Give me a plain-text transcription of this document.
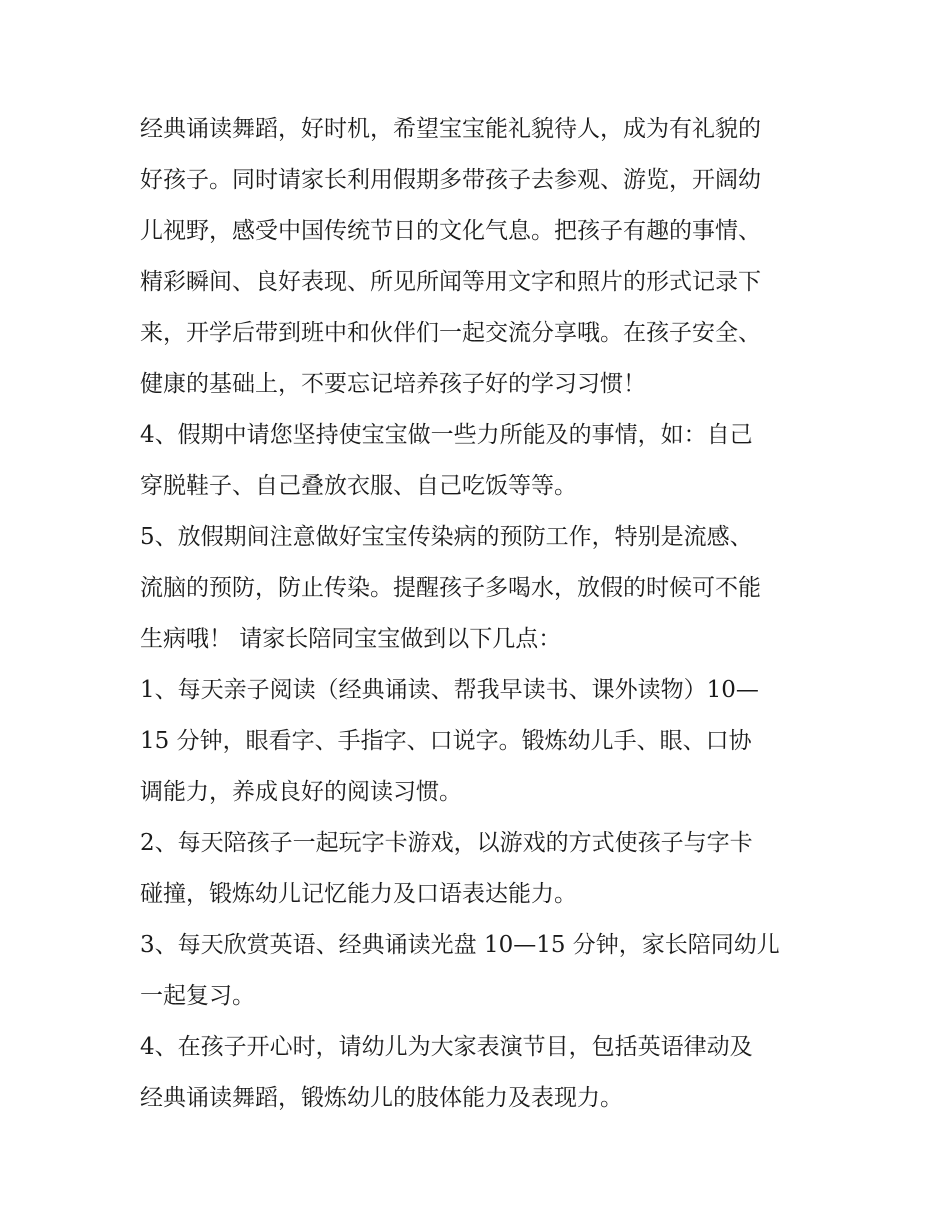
经典诵读舞蹈，好时机，希望宝宝能礼貌待人，成为有礼貌的
好孩子。同时请家长利用假期多带孩子去参观、游览，开阔幼
儿视野，感受中国传统节日的文化气息。把孩子有趣的事情、
精彩瞬间、良好表现、所见所闻等用文字和照片的形式记录下
来，开学后带到班中和伙伴们一起交流分享哦。在孩子安全、
健康的基础上，不要忘记培养孩子好的学习习惯！
4、假期中请您坚持使宝宝做一些力所能及的事情，如：自己
穿脱鞋子、自己叠放衣服、自己吃饭等等。
5、放假期间注意做好宝宝传染病的预防工作，特别是流感、
流脑的预防，防止传染。提醒孩子多喝水，放假的时候可不能
生病哦！ 请家长陪同宝宝做到以下几点：
1、每天亲子阅读（经典诵读、帮我早读书、课外读物）10—
15 分钟，眼看字、手指字、口说字。锻炼幼儿手、眼、口协
调能力，养成良好的阅读习惯。
2、每天陪孩子一起玩字卡游戏，以游戏的方式使孩子与字卡
碰撞，锻炼幼儿记忆能力及口语表达能力。
3、每天欣赏英语、经典诵读光盘 10—15 分钟，家长陪同幼儿
一起复习。
4、在孩子开心时，请幼儿为大家表演节目，包括英语律动及
经典诵读舞蹈，锻炼幼儿的肢体能力及表现力。
